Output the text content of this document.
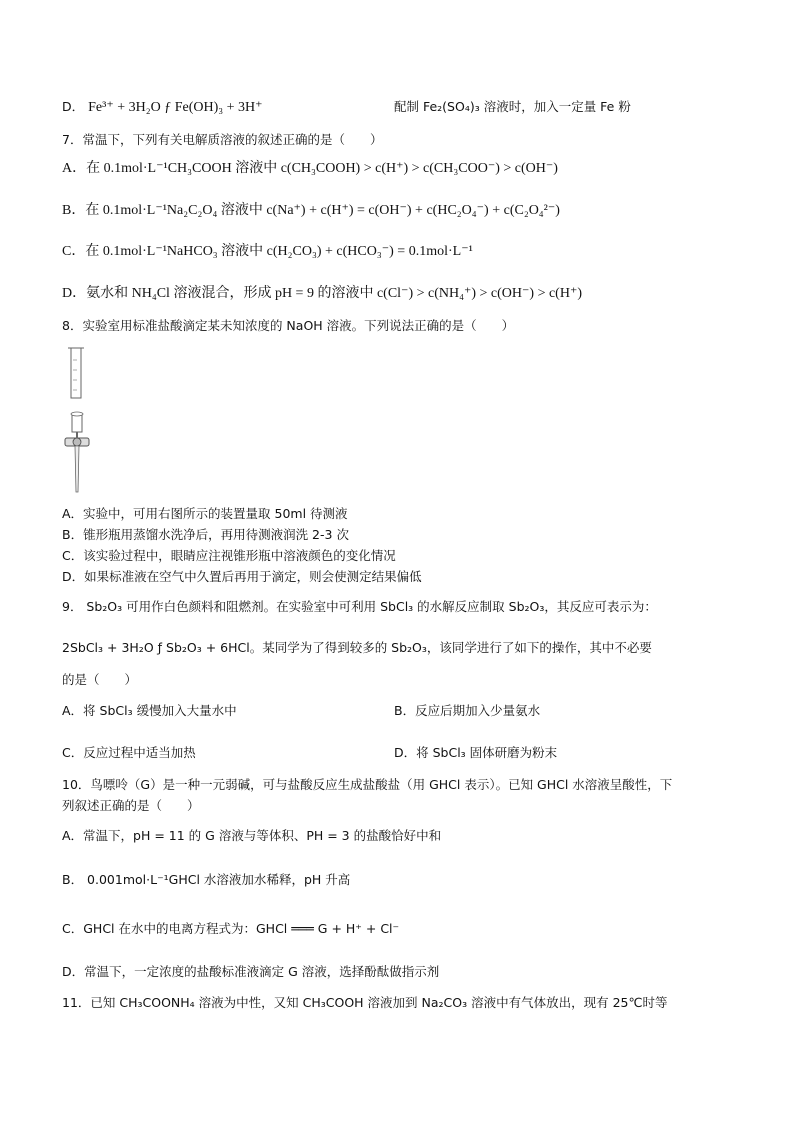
D． Fe³⁺ + 3H₂O ƒ Fe(OH)₃ + 3H⁺	配制 Fe₂(SO₄)₃ 溶液时，加入一定量 Fe 粉
7．常温下，下列有关电解质溶液的叙述正确的是（　　）
A．在 0.1mol·L⁻¹CH₃COOH 溶液中 c(CH₃COOH) > c(H⁺) > c(CH₃COO⁻) > c(OH⁻)
B．在 0.1mol·L⁻¹Na₂C₂O₄ 溶液中 c(Na⁺) + c(H⁺) = c(OH⁻) + c(HC₂O₄⁻) + c(C₂O₄²⁻)
C．在 0.1mol·L⁻¹NaHCO₃ 溶液中 c(H₂CO₃) + c(HCO₃⁻) = 0.1mol·L⁻¹
D．氨水和 NH₄Cl 溶液混合，形成 pH = 9 的溶液中 c(Cl⁻) > c(NH₄⁺) > c(OH⁻) > c(H⁺)
8．实验室用标准盐酸滴定某未知浓度的 NaOH 溶液。下列说法正确的是（　　）
A．实验中，可用右图所示的装置量取 50ml 待测液
B．锥形瓶用蒸馏水洗净后，再用待测液润洗 2-3 次
C．该实验过程中，眼睛应注视锥形瓶中溶液颜色的变化情况
D．如果标准液在空气中久置后再用于滴定，则会使测定结果偏低
9． Sb₂O₃ 可用作白色颜料和阻燃剂。在实验室中可利用 SbCl₃ 的水解反应制取 Sb₂O₃，其反应可表示为：
2SbCl₃ + 3H₂O ƒ Sb₂O₃ + 6HCl。某同学为了得到较多的 Sb₂O₃，该同学进行了如下的操作，其中不必要
的是（　　）
A．将 SbCl₃ 缓慢加入大量水中	B．反应后期加入少量氨水
C．反应过程中适当加热	D．将 SbCl₃ 固体研磨为粉末
10．鸟嘌呤（G）是一种一元弱碱，可与盐酸反应生成盐酸盐（用 GHCl 表示）。已知 GHCl 水溶液呈酸性，下
列叙述正确的是（　　）
A．常温下，pH = 11 的 G 溶液与等体积、PH = 3 的盐酸恰好中和
B． 0.001mol·L⁻¹GHCl 水溶液加水稀释，pH 升高
C．GHCl 在水中的电离方程式为：GHCl ═══ G + H⁺ + Cl⁻
D．常温下，一定浓度的盐酸标准液滴定 G 溶液，选择酚酞做指示剂
11．已知 CH₃COONH₄ 溶液为中性，又知 CH₃COOH 溶液加到 Na₂CO₃ 溶液中有气体放出，现有 25℃时等
